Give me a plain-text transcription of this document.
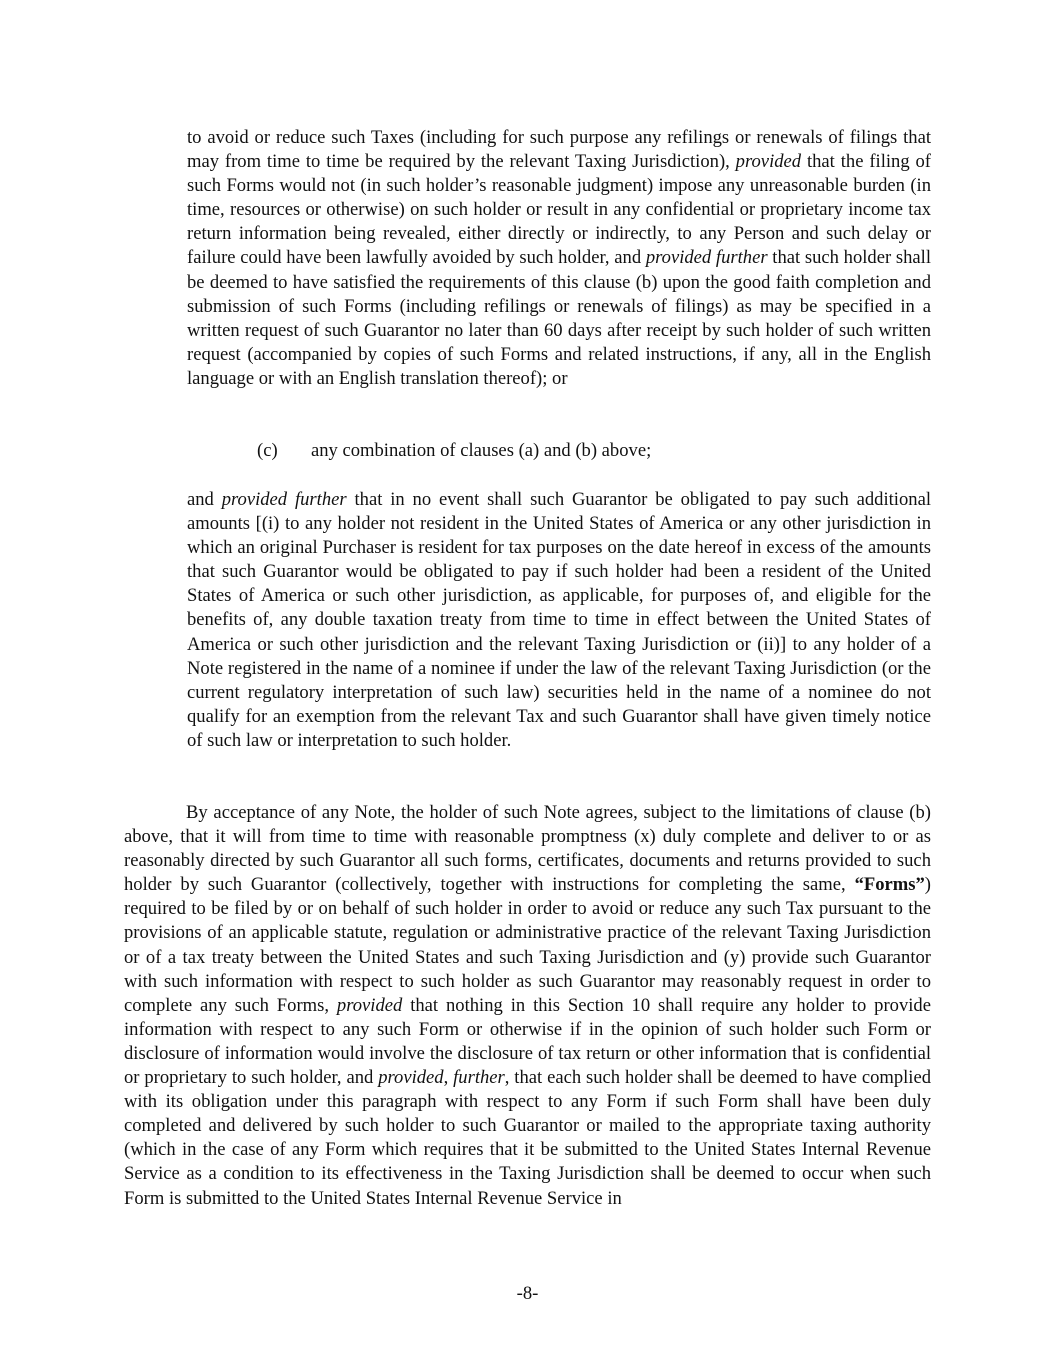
to avoid or reduce such Taxes (including for such purpose any refilings or renewals of filings that may from time to time be required by the relevant Taxing Jurisdiction), provided that the filing of such Forms would not (in such holder’s reasonable judgment) impose any unreasonable burden (in time, resources or otherwise) on such holder or result in any confidential or proprietary income tax return information being revealed, either directly or indirectly, to any Person and such delay or failure could have been lawfully avoided by such holder, and provided further that such holder shall be deemed to have satisfied the requirements of this clause (b) upon the good faith completion and submission of such Forms (including refilings or renewals of filings) as may be specified in a written request of such Guarantor no later than 60 days after receipt by such holder of such written request (accompanied by copies of such Forms and related instructions, if any, all in the English language or with an English translation thereof); or

(c) any combination of clauses (a) and (b) above;

and provided further that in no event shall such Guarantor be obligated to pay such additional amounts [(i) to any holder not resident in the United States of America or any other jurisdiction in which an original Purchaser is resident for tax purposes on the date hereof in excess of the amounts that such Guarantor would be obligated to pay if such holder had been a resident of the United States of America or such other jurisdiction, as applicable, for purposes of, and eligible for the benefits of, any double taxation treaty from time to time in effect between the United States of America or such other jurisdiction and the relevant Taxing Jurisdiction or (ii)] to any holder of a Note registered in the name of a nominee if under the law of the relevant Taxing Jurisdiction (or the current regulatory interpretation of such law) securities held in the name of a nominee do not qualify for an exemption from the relevant Tax and such Guarantor shall have given timely notice of such law or interpretation to such holder.

By acceptance of any Note, the holder of such Note agrees, subject to the limitations of clause (b) above, that it will from time to time with reasonable promptness (x) duly complete and deliver to or as reasonably directed by such Guarantor all such forms, certificates, documents and returns provided to such holder by such Guarantor (collectively, together with instructions for completing the same, “Forms”) required to be filed by or on behalf of such holder in order to avoid or reduce any such Tax pursuant to the provisions of an applicable statute, regulation or administrative practice of the relevant Taxing Jurisdiction or of a tax treaty between the United States and such Taxing Jurisdiction and (y) provide such Guarantor with such information with respect to such holder as such Guarantor may reasonably request in order to complete any such Forms, provided that nothing in this Section 10 shall require any holder to provide information with respect to any such Form or otherwise if in the opinion of such holder such Form or disclosure of information would involve the disclosure of tax return or other information that is confidential or proprietary to such holder, and provided, further, that each such holder shall be deemed to have complied with its obligation under this paragraph with respect to any Form if such Form shall have been duly completed and delivered by such holder to such Guarantor or mailed to the appropriate taxing authority (which in the case of any Form which requires that it be submitted to the United States Internal Revenue Service as a condition to its effectiveness in the Taxing Jurisdiction shall be deemed to occur when such Form is submitted to the United States Internal Revenue Service in

-8-
